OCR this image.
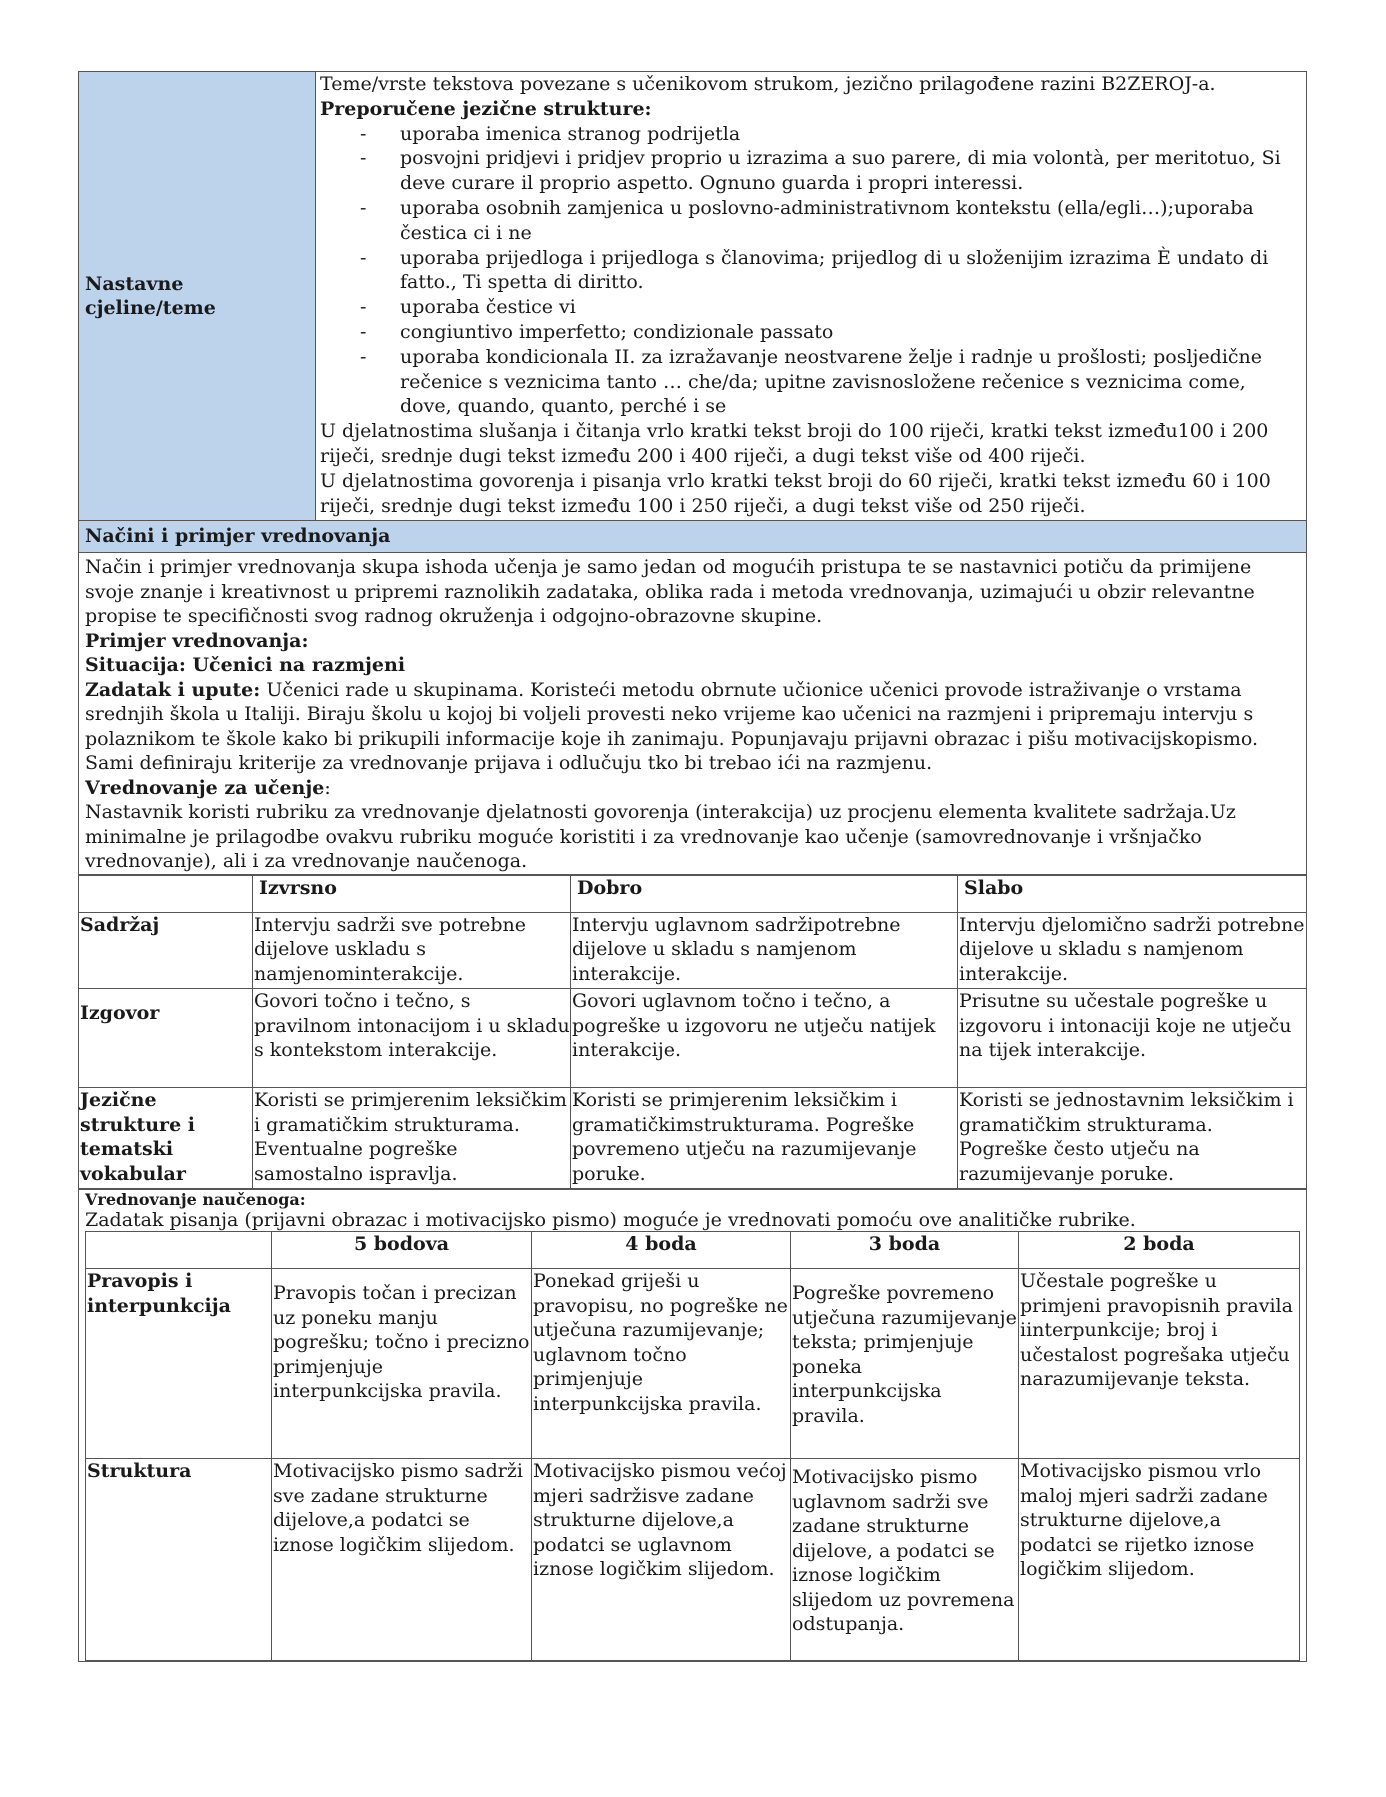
Nastavne cjeline/teme
Teme/vrste tekstova povezane s učenikovom strukom, jezično prilagođene razini B2ZEROJ-a.
Preporučene jezične strukture:
- uporaba imenica stranog podrijetla
- posvojni pridjevi i pridjev proprio u izrazima a suo parere, di mia volontà, per meritotuo, Si deve curare il proprio aspetto. Ognuno guarda i propri interessi.
- uporaba osobnih zamjenica u poslovno-administrativnom kontekstu (ella/egli…);uporaba čestica ci i ne
- uporaba prijedloga i prijedloga s članovima; prijedlog di u složenijim izrazima È undato di fatto., Ti spetta di diritto.
- uporaba čestice vi
- congiuntivo imperfetto; condizionale passato
- uporaba kondicionala II. za izražavanje neostvarene želje i radnje u prošlosti; posljedične rečenice s veznicima tanto … che/da; upitne zavisnosložene rečenice s veznicima come, dove, quando, quanto, perché i se
U djelatnostima slušanja i čitanja vrlo kratki tekst broji do 100 riječi, kratki tekst između100 i 200 riječi, srednje dugi tekst između 200 i 400 riječi, a dugi tekst više od 400 riječi.
U djelatnostima govorenja i pisanja vrlo kratki tekst broji do 60 riječi, kratki tekst između 60 i 100 riječi, srednje dugi tekst između 100 i 250 riječi, a dugi tekst više od 250 riječi.
Načini i primjer vrednovanja

Način i primjer vrednovanja skupa ishoda učenja je samo jedan od mogućih pristupa te se nastavnici potiču da primijene svoje znanje i kreativnost u pripremi raznolikih zadataka, oblika rada i metoda vrednovanja, uzimajući u obzir relevantne propise te specifičnosti svog radnog okruženja i odgojno-obrazovne skupine.

Primjer vrednovanja:

Situacija: Učenici na razmjeni

Zadatak i upute: Učenici rade u skupinama. Koristeći metodu obrnute učionice učenici provode istraživanje o vrstama srednjih škola u Italiji. Biraju školu u kojoj bi voljeli provesti neko vrijeme kao učenici na razmjeni i pripremaju intervju s polaznikom te škole kako bi prikupili informacije koje ih zanimaju. Popunjavaju prijavni obrazac i pišu motivacijskopismo. Sami definiraju kriterije za vrednovanje prijava i odlučuju tko bi trebao ići na razmjenu.

Vrednovanje za učenje:

Nastavnik koristi rubriku za vrednovanje djelatnosti govorenja (interakcija) uz procjenu elementa kvalitete sadržaja.Uz minimalne je prilagodbe ovakvu rubriku moguće koristiti i za vrednovanje kao učenje (samovrednovanje i vršnjačko vrednovanje), ali i za vrednovanje naučenoga.

	Izvrsno	Dobro	Slabo
Sadržaj	Intervju sadrži sve potrebne dijelove uskladu s namjenominterakcije.	Intervju uglavnom sadržipotrebne dijelove u skladu s namjenom interakcije.	Intervju djelomično sadrži potrebne dijelove u skladu s namjenom interakcije.
Izgovor	Govori točno i tečno, s pravilnom intonacijom i u skladu s kontekstom interakcije.	Govori uglavnom točno i tečno, a pogreške u izgovoru ne utječu natijek interakcije.	Prisutne su učestale pogreške u izgovoru i intonaciji koje ne utječu na tijek interakcije.
Jezične strukture i tematski vokabular	Koristi se primjerenim leksičkim i gramatičkim strukturama. Eventualne pogreške samostalno ispravlja.	Koristi se primjerenim leksičkim i gramatičkimstrukturama. Pogreške povremeno utječu na razumijevanje poruke.	Koristi se jednostavnim leksičkim i gramatičkim strukturama. Pogreške često utječu na razumijevanje poruke.
Vrednovanje naučenoga:
Zadatak pisanja (prijavni obrazac i motivacijsko pismo) moguće je vrednovati pomoću ove analitičke rubrike.
	5 bodova	4 boda	3 boda	2 boda
Pravopis i interpunkcija	Pravopis točan i precizan uz poneku manju pogrešku; točno i precizno primjenjuje interpunkcijska pravila.	Ponekad griješi u pravopisu, no pogreške ne utječuna razumijevanje; uglavnom točno primjenjuje interpunkcijska pravila.	Pogreške povremeno utječuna razumijevanje teksta; primjenjuje poneka interpunkcijska pravila.	Učestale pogreške u primjeni pravopisnih pravila iinterpunkcije; broj i učestalost pogrešaka utječu narazumijevanje teksta.
Struktura	Motivacijsko pismo sadrži sve zadane strukturne dijelove,a podatci se iznose logičkim slijedom.	Motivacijsko pismou većoj mjeri sadržisve zadane strukturne dijelove,a podatci se uglavnom iznose logičkim slijedom.	Motivacijsko pismo uglavnom sadrži sve zadane strukturne dijelove, a podatci se iznose logičkim slijedom uz povremena odstupanja.	Motivacijsko pismou vrlo maloj mjeri sadrži zadane strukturne dijelove,a podatci se rijetko iznose logičkim slijedom.
